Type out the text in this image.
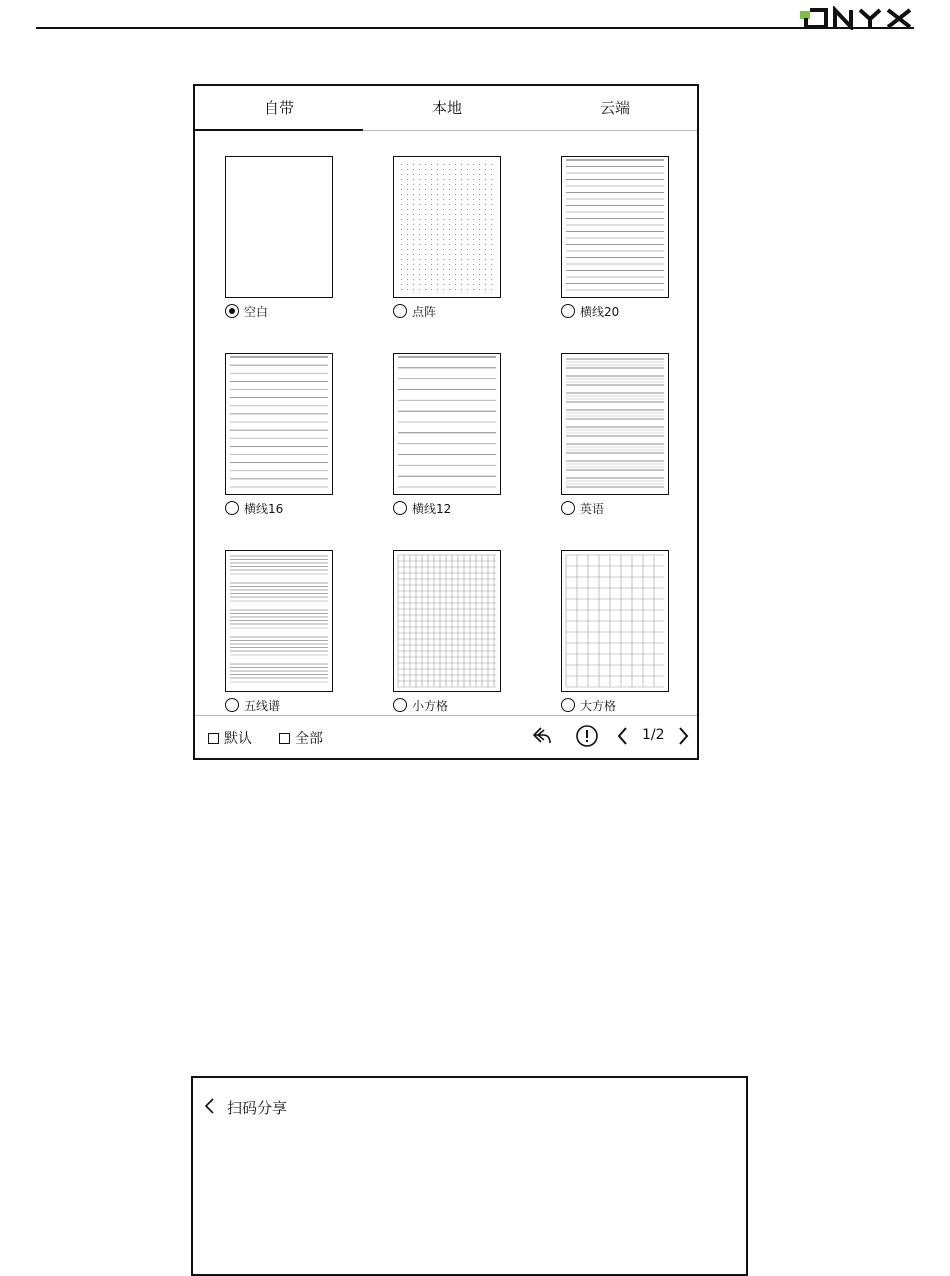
自带	本地	云端
空白	点阵	横线20
横线16	横线12	英语
五线谱	小方格	大方格
默认	全部	1/2
扫码分享
